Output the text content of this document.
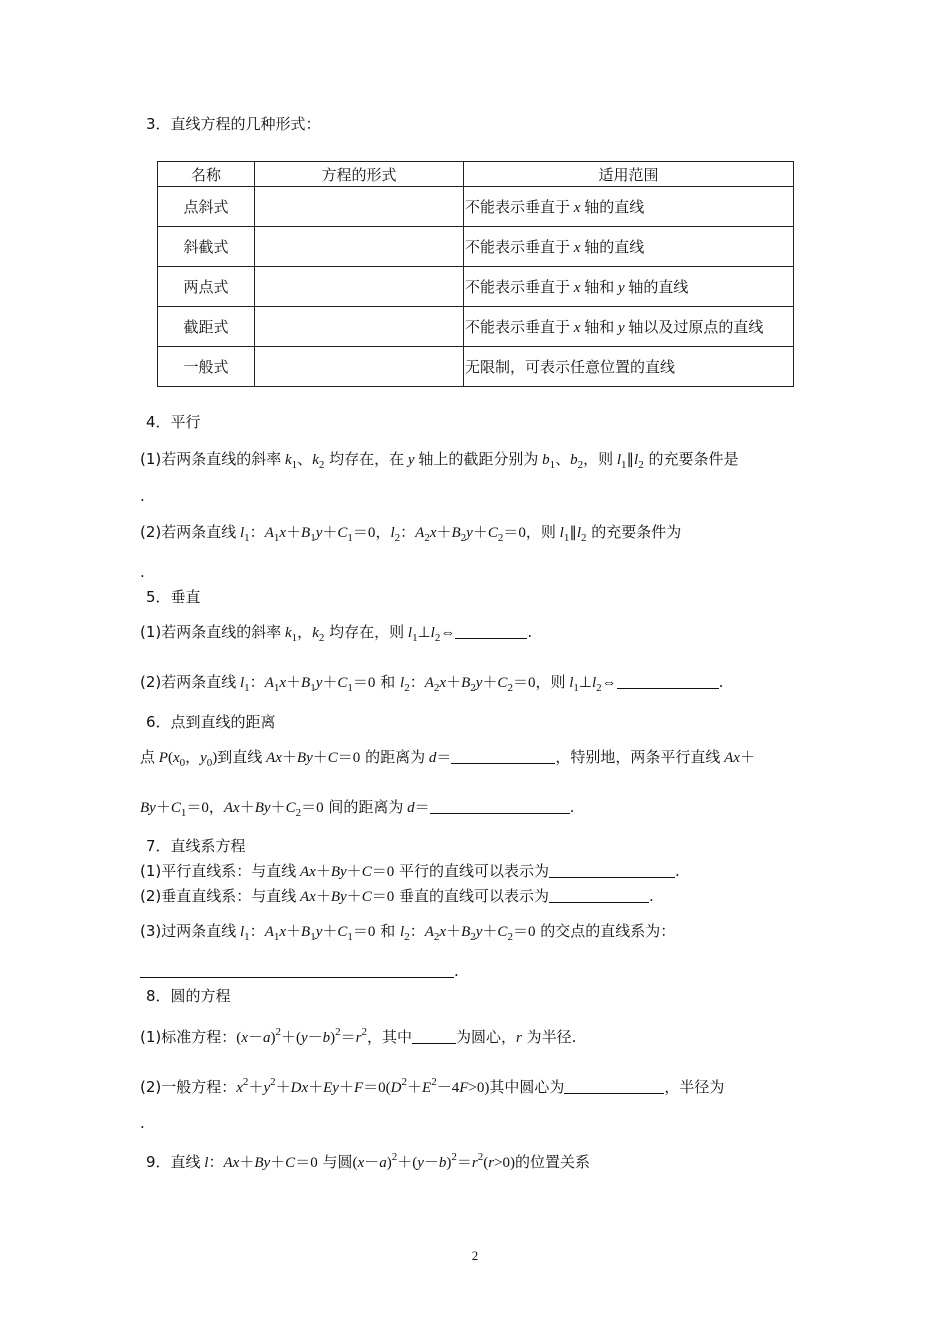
3．直线方程的几种形式：
名称	方程的形式	适用范围
点斜式		不能表示垂直于 x 轴的直线
斜截式		不能表示垂直于 x 轴的直线
两点式		不能表示垂直于 x 轴和 y 轴的直线
截距式		不能表示垂直于 x 轴和 y 轴以及过原点的直线
一般式		无限制，可表示任意位置的直线
4．平行
(1)若两条直线的斜率 $k_1$、$k_2$ 均存在，在 y 轴上的截距分别为 $b_1$、$b_2$，则 $l_1\parallel l_2$ 的充要条件是
.
(2)若两条直线 $l_1$：$A_1x+B_1y+C_1=0$，$l_2$：$A_2x+B_2y+C_2=0$，则 $l_1\parallel l_2$ 的充要条件为
.
5．垂直
(1)若两条直线的斜率 $k_1$，$k_2$ 均存在，则 $l_1\perp l_2\Leftrightarrow$	.
(2)若两条直线 $l_1$：$A_1x+B_1y+C_1=0$ 和 $l_2$：$A_2x+B_2y+C_2=0$，则 $l_1\perp l_2\Leftrightarrow$	.
6．点到直线的距离
点 $P(x_0$，$y_0$)到直线 Ax＋By＋C＝0 的距离为 d＝	，特别地，两条平行直线 Ax＋
$By+C_1=0$，$Ax+By+C_2=0$ 间的距离为 d＝	.
7．直线系方程
(1)平行直线系：与直线 Ax＋By＋C＝0 平行的直线可以表示为	.
(2)垂直直线系：与直线 Ax＋By＋C＝0 垂直的直线可以表示为	.
(3)过两条直线 $l_1$：$A_1x+B_1y+C_1=0$ 和 $l_2$：$A_2x+B_2y+C_2=0$ 的交点的直线系为：
.
8．圆的方程
(1)标准方程：$(x-a)^2+(y-b)^2=r^2$，其中	为圆心，r 为半径.
(2)一般方程：$x^2+y^2+Dx+Ey+F=0(D^2+E^2-4F>0)$其中圆心为	，半径为
.
9．直线 l：Ax＋By＋C＝0 与圆$(x-a)^2+(y-b)^2=r^2(r>0)$的位置关系
2
